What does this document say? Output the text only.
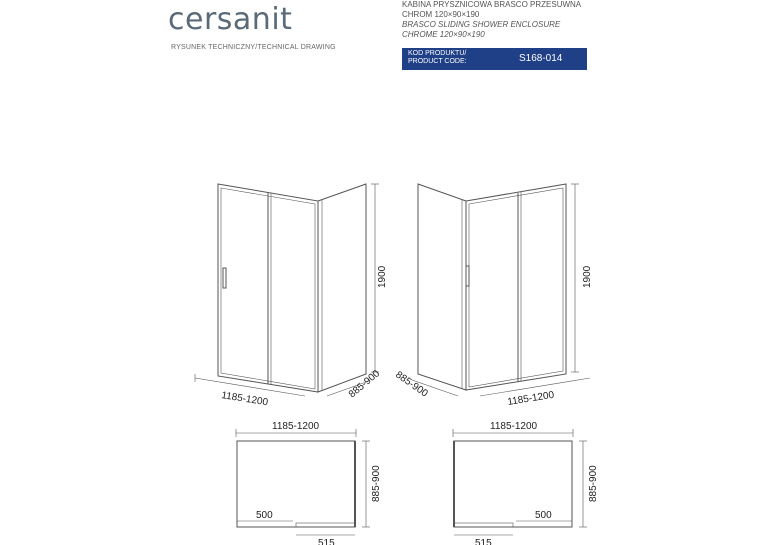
cersanit
RYSUNEK TECHNICZNY/TECHNICAL DRAWING
KABINA PRYSZNICOWA BRASCO PRZESUWNA
CHROM 120×90×190
BRASCO SLIDING SHOWER ENCLOSURE
CHROME 120×90×190
KOD PRODUKTU/
PRODUCT CODE:	S168-014
1185-1200
1900
885-900 885-900
1900
1185-1200
1185-1200
885-900
500
515
1185-1200
885-900
500
515
